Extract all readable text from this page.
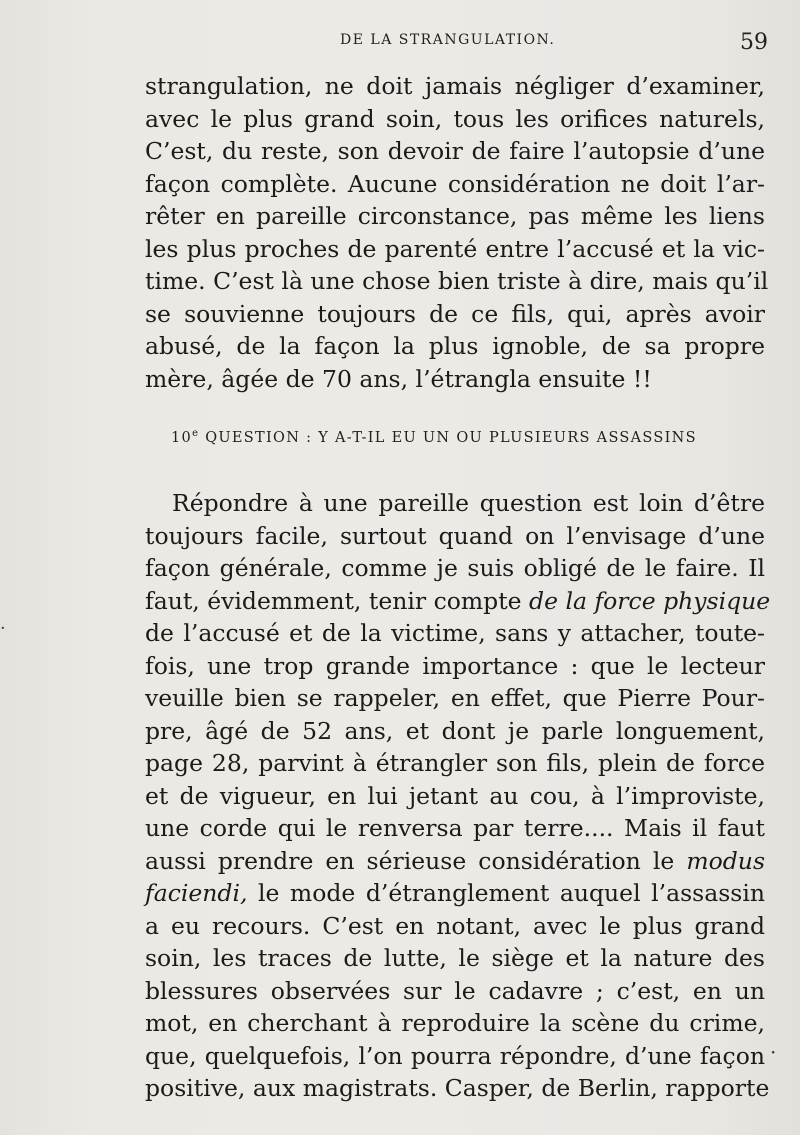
DE LA STRANGULATION.	59
strangulation, ne doit jamais négliger d’examiner,
avec le plus grand soin, tous les orifices naturels,
C’est, du reste, son devoir de faire l’autopsie d’une
façon complète. Aucune considération ne doit l’ar-
rêter en pareille circonstance, pas même les liens
les plus proches de parenté entre l’accusé et la vic-
time. C’est là une chose bien triste à dire, mais qu’il
se souvienne toujours de ce fils, qui, après avoir
abusé, de la façon la plus ignoble, de sa propre
mère, âgée de 70 ans, l’étrangla ensuite !!
10e QUESTION : Y A-T-IL EU UN OU PLUSIEURS ASSASSINS
Répondre à une pareille question est loin d’être
toujours facile, surtout quand on l’envisage d’une
façon générale, comme je suis obligé de le faire. Il
faut, évidemment, tenir compte de la force physique
de l’accusé et de la victime, sans y attacher, toute-
fois, une trop grande importance : que le lecteur
veuille bien se rappeler, en effet, que Pierre Pour-
pre, âgé de 52 ans, et dont je parle longuement,
page 28, parvint à étrangler son fils, plein de force
et de vigueur, en lui jetant au cou, à l’improviste,
une corde qui le renversa par terre.... Mais il faut
aussi prendre en sérieuse considération le modus
faciendi, le mode d’étranglement auquel l’assassin
a eu recours. C’est en notant, avec le plus grand
soin, les traces de lutte, le siège et la nature des
blessures observées sur le cadavre ; c’est, en un
mot, en cherchant à reproduire la scène du crime,
que, quelquefois, l’on pourra répondre, d’une façon
positive, aux magistrats. Casper, de Berlin, rapporte
·
·
